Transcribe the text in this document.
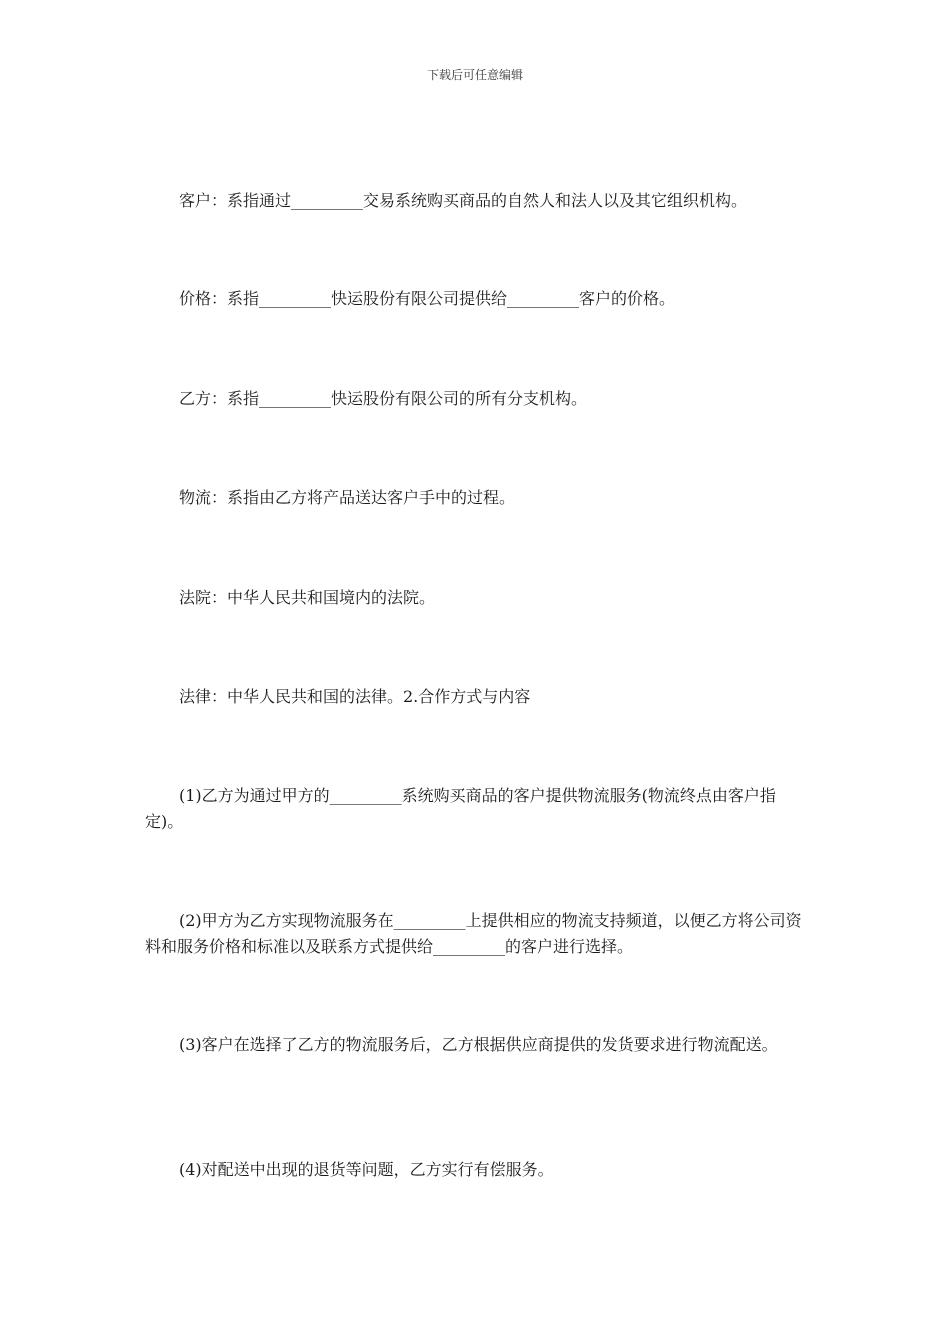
下载后可任意编辑

客户：系指通过_________交易系统购买商品的自然人和法人以及其它组织机构。

价格：系指_________快运股份有限公司提供给_________客户的价格。

乙方：系指_________快运股份有限公司的所有分支机构。

物流：系指由乙方将产品送达客户手中的过程。

法院：中华人民共和国境内的法院。

法律：中华人民共和国的法律。2.合作方式与内容

(1)乙方为通过甲方的_________系统购买商品的客户提供物流服务(物流终点由客户指定)。

(2)甲方为乙方实现物流服务在_________上提供相应的物流支持频道，以便乙方将公司资料和服务价格和标准以及联系方式提供给_________的客户进行选择。

(3)客户在选择了乙方的物流服务后，乙方根据供应商提供的发货要求进行物流配送。

(4)对配送中出现的退货等问题，乙方实行有偿服务。
